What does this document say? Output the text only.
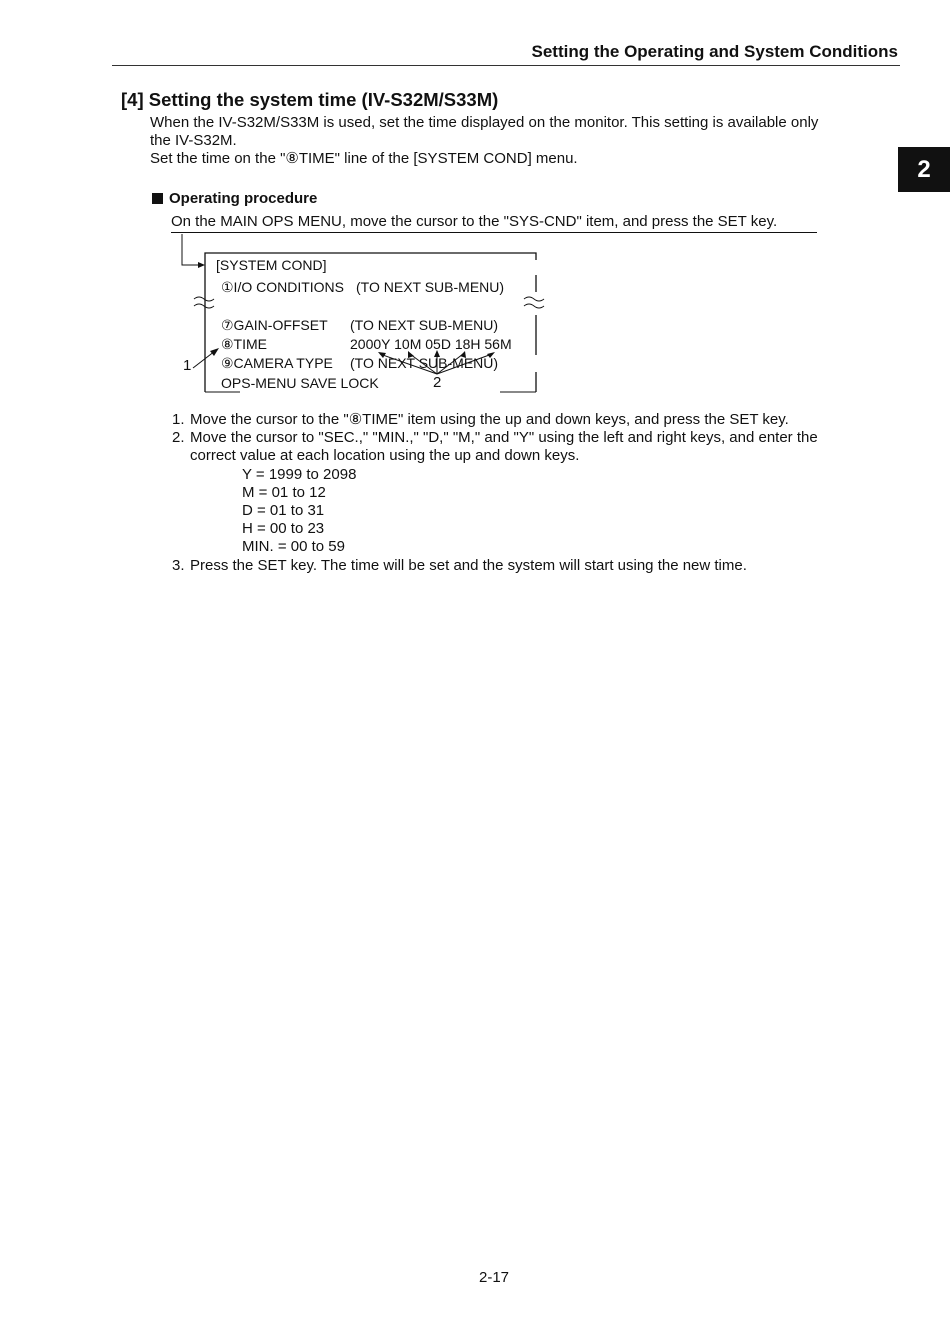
Setting the Operating and System Conditions
2
[4] Setting the system time (IV-S32M/S33M)
When the IV-S32M/S33M is used, set the time displayed on the monitor. This setting is available only
the IV-S32M.
Set the time on the "⑧TIME" line of the [SYSTEM COND] menu.
Operating procedure
On the MAIN OPS MENU, move the cursor to the "SYS-CND" item, and press the SET key.
[SYSTEM COND]
①I/O CONDITIONS (TO NEXT SUB-MENU)
⑦GAIN-OFFSET (TO NEXT SUB-MENU)
⑧TIME	2000Y 10M 05D 18H 56M
⑨CAMERA TYPE (TO NEXT SUB-MENU)
OPS-MENU SAVE LOCK
1
2
1. Move the cursor to the "⑧TIME" item using the up and down keys, and press the SET key.
2. Move the cursor to "SEC.," "MIN.," "D," "M," and "Y" using the left and right keys, and enter the
correct value at each location using the up and down keys.
Y = 1999 to 2098
M = 01 to 12
D = 01 to 31
H = 00 to 23
MIN. = 00 to 59
3. Press the SET key. The time will be set and the system will start using the new time.
2-17
